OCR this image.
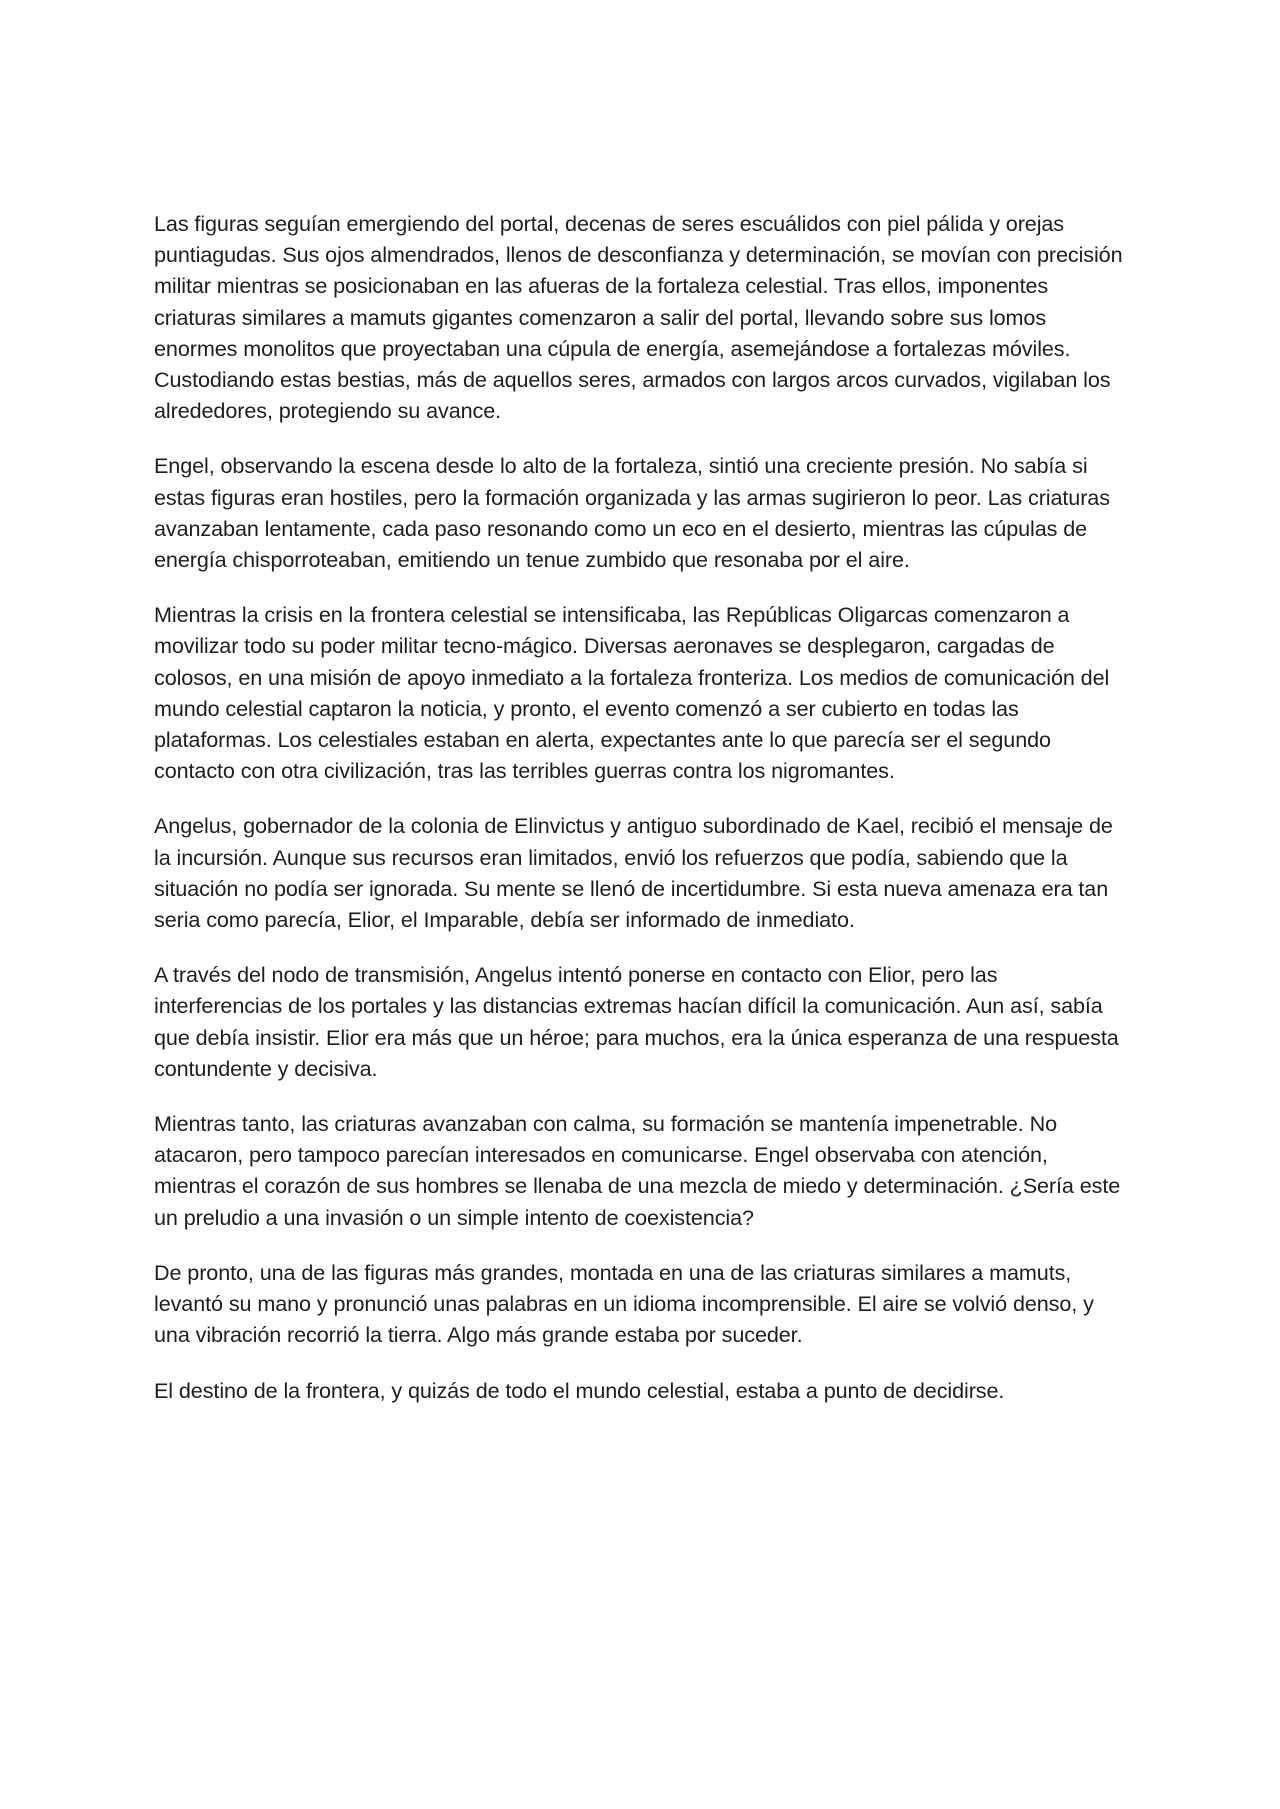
Las figuras seguían emergiendo del portal, decenas de seres escuálidos con piel pálida y orejas puntiagudas. Sus ojos almendrados, llenos de desconfianza y determinación, se movían con precisión militar mientras se posicionaban en las afueras de la fortaleza celestial. Tras ellos, imponentes criaturas similares a mamuts gigantes comenzaron a salir del portal, llevando sobre sus lomos enormes monolitos que proyectaban una cúpula de energía, asemejándose a fortalezas móviles. Custodiando estas bestias, más de aquellos seres, armados con largos arcos curvados, vigilaban los alrededores, protegiendo su avance.

Engel, observando la escena desde lo alto de la fortaleza, sintió una creciente presión. No sabía si estas figuras eran hostiles, pero la formación organizada y las armas sugirieron lo peor. Las criaturas avanzaban lentamente, cada paso resonando como un eco en el desierto, mientras las cúpulas de energía chisporroteaban, emitiendo un tenue zumbido que resonaba por el aire.

Mientras la crisis en la frontera celestial se intensificaba, las Repúblicas Oligarcas comenzaron a movilizar todo su poder militar tecno-mágico. Diversas aeronaves se desplegaron, cargadas de colosos, en una misión de apoyo inmediato a la fortaleza fronteriza. Los medios de comunicación del mundo celestial captaron la noticia, y pronto, el evento comenzó a ser cubierto en todas las plataformas. Los celestiales estaban en alerta, expectantes ante lo que parecía ser el segundo contacto con otra civilización, tras las terribles guerras contra los nigromantes.

Angelus, gobernador de la colonia de Elinvictus y antiguo subordinado de Kael, recibió el mensaje de la incursión. Aunque sus recursos eran limitados, envió los refuerzos que podía, sabiendo que la situación no podía ser ignorada. Su mente se llenó de incertidumbre. Si esta nueva amenaza era tan seria como parecía, Elior, el Imparable, debía ser informado de inmediato.

A través del nodo de transmisión, Angelus intentó ponerse en contacto con Elior, pero las interferencias de los portales y las distancias extremas hacían difícil la comunicación. Aun así, sabía que debía insistir. Elior era más que un héroe; para muchos, era la única esperanza de una respuesta contundente y decisiva.

Mientras tanto, las criaturas avanzaban con calma, su formación se mantenía impenetrable. No atacaron, pero tampoco parecían interesados en comunicarse. Engel observaba con atención, mientras el corazón de sus hombres se llenaba de una mezcla de miedo y determinación. ¿Sería este un preludio a una invasión o un simple intento de coexistencia?

De pronto, una de las figuras más grandes, montada en una de las criaturas similares a mamuts, levantó su mano y pronunció unas palabras en un idioma incomprensible. El aire se volvió denso, y una vibración recorrió la tierra. Algo más grande estaba por suceder.

El destino de la frontera, y quizás de todo el mundo celestial, estaba a punto de decidirse.
